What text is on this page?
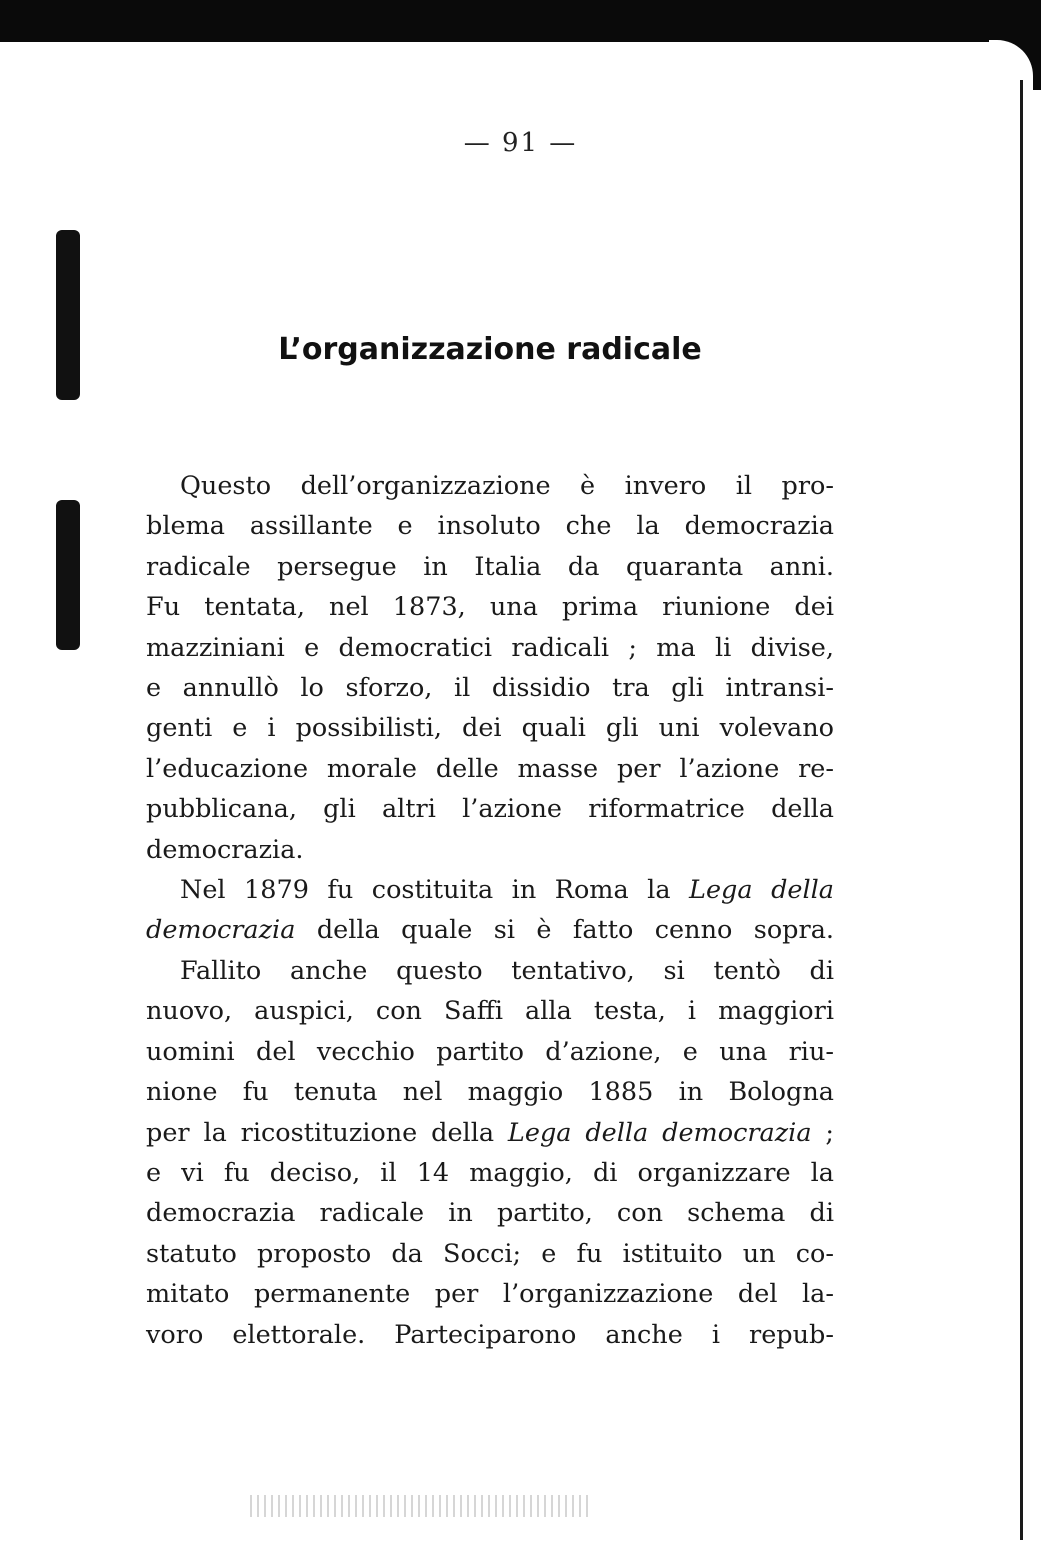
— 91 —
L’organizzazione radicale
Questo dell’organizzazione è invero il pro-
blema assillante e insoluto che la democrazia
radicale persegue in Italia da quaranta anni.
Fu tentata, nel 1873, una prima riunione dei
mazziniani e democratici radicali ; ma li divise,
e annullò lo sforzo, il dissidio tra gli intransi-
genti e i possibilisti, dei quali gli uni volevano
l’educazione morale delle masse per l’azione re-
pubblicana, gli altri l’azione riformatrice della
democrazia.
Nel 1879 fu costituita in Roma la Lega della
democrazia della quale si è fatto cenno sopra.
Fallito anche questo tentativo, si tentò di
nuovo, auspici, con Saffi alla testa, i maggiori
uomini del vecchio partito d’azione, e una riu-
nione fu tenuta nel maggio 1885 in Bologna
per la ricostituzione della Lega della democrazia ;
e vi fu deciso, il 14 maggio, di organizzare la
democrazia radicale in partito, con schema di
statuto proposto da Socci; e fu istituito un co-
mitato permanente per l’organizzazione del la-
voro elettorale. Parteciparono anche i repub-
